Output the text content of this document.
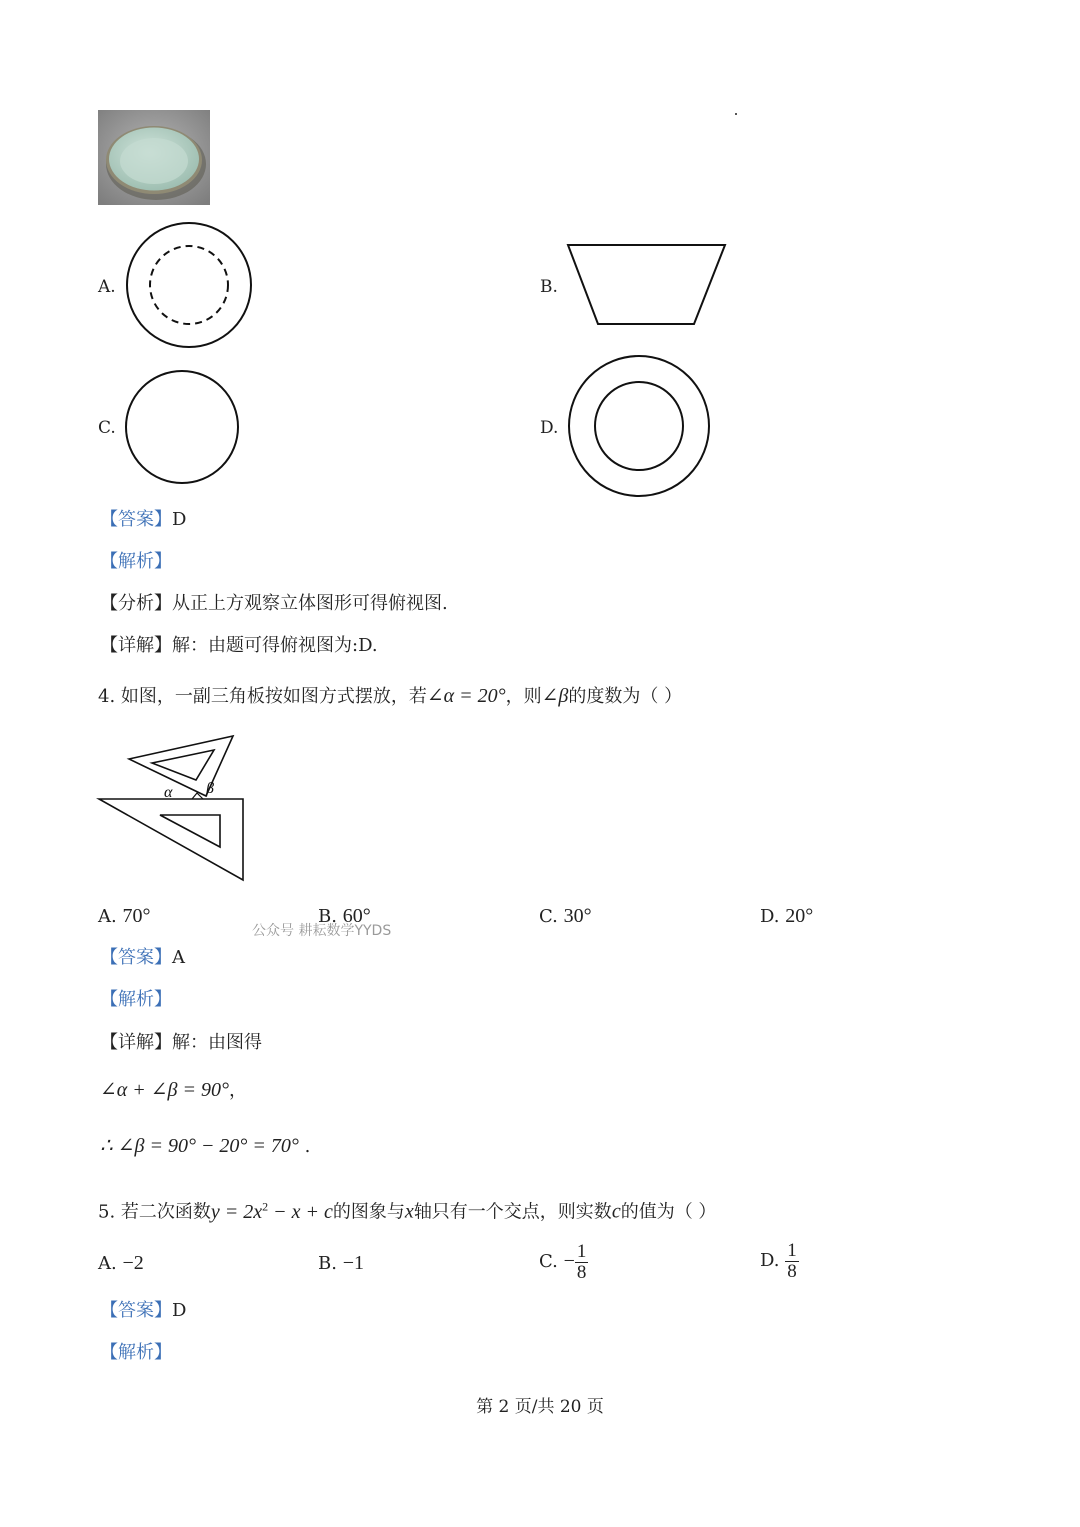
A.	B.
C.	D.
【答案】D
【解析】
【分析】从正上方观察立体图形可得俯视图.
【详解】解：由题可得俯视图为:D.
4. 如图，一副三角板按如图方式摆放，若∠α = 20°，则∠β的度数为（ ）
α β
A. 70°	B. 60°	C. 30°	D. 20°
公众号 耕耘数学YYDS
【答案】A
【解析】
【详解】解：由图得
∠α + ∠β = 90°，
∴ ∠β = 90° − 20° = 70° .
5. 若二次函数$y = 2x^2 - x + c$的图象与x轴只有一个交点，则实数c的值为（ ）
A. −2	B. −1	C. − $\frac{1}{8}$	D. $\frac{1}{8}$
【答案】D
【解析】
第 2 页/共 20 页
